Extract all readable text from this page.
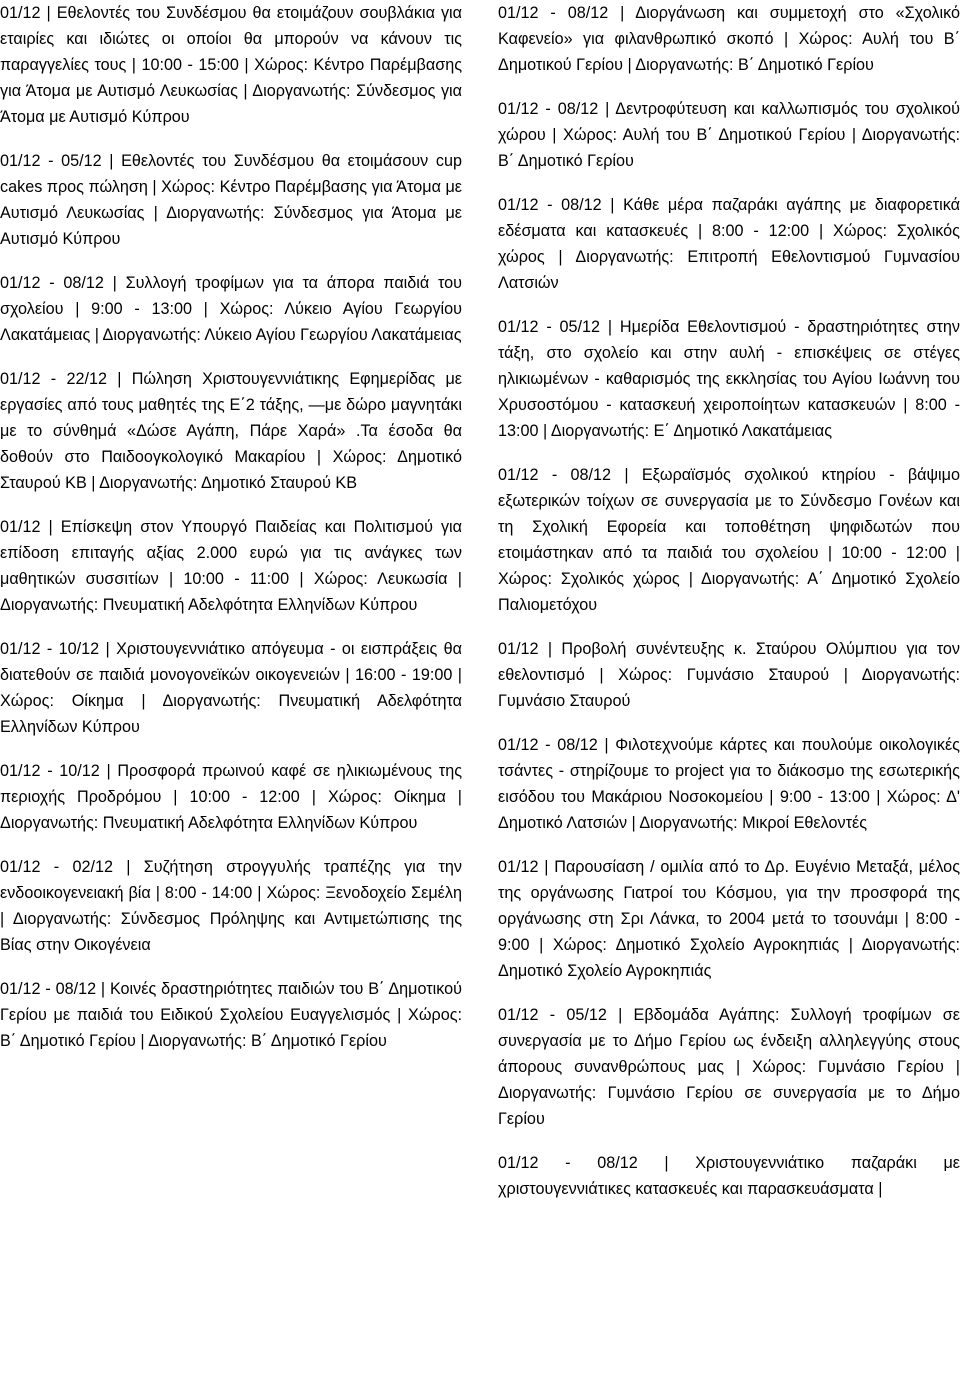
01/12 | Εθελοντές του Συνδέσμου θα ετοιμάζουν σουβλάκια για εταιρίες και ιδιώτες οι οποίοι θα μπορούν να κάνουν τις παραγγελίες τους | 10:00 - 15:00 | Χώρος: Κέντρο Παρέμβασης για Άτομα με Αυτισμό Λευκωσίας | Διοργανωτής: Σύνδεσμος για Άτομα με Αυτισμό Κύπρου

01/12 - 05/12 | Εθελοντές του Συνδέσμου θα ετοιμάσουν cup cakes προς πώληση | Χώρος: Κέντρο Παρέμβασης για Άτομα με Αυτισμό Λευκωσίας | Διοργανωτής: Σύνδεσμος για Άτομα με Αυτισμό Κύπρου

01/12 - 08/12 | Συλλογή τροφίμων για τα άπορα παιδιά του σχολείου | 9:00 - 13:00 | Χώρος: Λύκειο Αγίου Γεωργίου Λακατάμειας | Διοργανωτής: Λύκειο Αγίου Γεωργίου Λακατάμειας

01/12 - 22/12 | Πώληση Χριστουγεννιάτικης Εφημερίδας με εργασίες από τους μαθητές της Ε΄2 τάξης, —με δώρο μαγνητάκι με το σύνθημά «Δώσε Αγάπη, Πάρε Χαρά» .Τα έσοδα θα δοθούν στο Παιδοογκολογικό Μακαρίου | Χώρος: Δημοτικό Σταυρού ΚΒ | Διοργανωτής: Δημοτικό Σταυρού ΚΒ

01/12 | Επίσκεψη στον Υπουργό Παιδείας και Πολιτισμού για επίδοση επιταγής αξίας 2.000 ευρώ για τις ανάγκες των μαθητικών συσσιτίων | 10:00 - 11:00 | Χώρος: Λευκωσία |Διοργανωτής: Πνευματική Αδελφότητα Ελληνίδων Κύπρου

01/12 - 10/12 | Χριστουγεννιάτικο απόγευμα - οι εισπράξεις θα διατεθούν σε παιδιά μονογονεϊκών οικογενειών | 16:00 - 19:00 | Χώρος: Οίκημα | Διοργανωτής: Πνευματική Αδελφότητα Ελληνίδων Κύπρου

01/12 - 10/12 | Προσφορά πρωινού καφέ σε ηλικιωμένους της περιοχής Προδρόμου | 10:00 - 12:00 | Χώρος: Οίκημα | Διοργανωτής: Πνευματική Αδελφότητα Ελληνίδων Κύπρου

01/12 - 02/12 | Συζήτηση στρογγυλής τραπέζης για την ενδοοικογενειακή βία | 8:00 - 14:00 | Χώρος: Ξενοδοχείο Σεμέλη | Διοργανωτής: Σύνδεσμος Πρόληψης και Αντιμετώπισης της Βίας στην Οικογένεια

01/12 - 08/12 | Κοινές δραστηριότητες παιδιών του Β΄ Δημοτικού Γερίου με παιδιά του Ειδικού Σχολείου Ευαγγελισμός | Χώρος: Β΄ Δημοτικό Γερίου | Διοργανωτής: Β΄ Δημοτικό Γερίου

01/12 - 08/12 | Διοργάνωση και συμμετοχή στο «Σχολικό Καφενείο» για φιλανθρωπικό σκοπό | Χώρος: Αυλή του Β΄ Δημοτικού Γερίου | Διοργανωτής: Β΄ Δημοτικό Γερίου

01/12 - 08/12 | Δεντροφύτευση και καλλωπισμός του σχολικού χώρου | Χώρος: Αυλή του Β΄ Δημοτικού Γερίου | Διοργανωτής: Β΄ Δημοτικό Γερίου

01/12 - 08/12 | Κάθε μέρα παζαράκι αγάπης με διαφορετικά εδέσματα και κατασκευές | 8:00 - 12:00 | Χώρος: Σχολικός χώρος | Διοργανωτής: Επιτροπή Εθελοντισμού Γυμνασίου Λατσιών

01/12 - 05/12 | Ημερίδα Εθελοντισμού - δραστηριότητες στην τάξη, στο σχολείο και στην αυλή - επισκέψεις σε στέγες ηλικιωμένων - καθαρισμός της εκκλησίας του Αγίου Ιωάννη του Χρυσοστόμου - κατασκευή χειροποίητων κατασκευών | 8:00 - 13:00 | Διοργανωτής: Ε΄ Δημοτικό Λακατάμειας

01/12 - 08/12 | Εξωραϊσμός σχολικού κτηρίου - βάψιμο εξωτερικών τοίχων σε συνεργασία με το Σύνδεσμο Γονέων και τη Σχολική Εφορεία και τοποθέτηση ψηφιδωτών που ετοιμάστηκαν από τα παιδιά του σχολείου | 10:00 - 12:00 | Χώρος: Σχολικός χώρος | Διοργανωτής: Α΄ Δημοτικό Σχολείο Παλιομετόχου

01/12 | Προβολή συνέντευξης κ. Σταύρου Ολύμπιου για τον εθελοντισμό | Χώρος: Γυμνάσιο Σταυρού | Διοργανωτής: Γυμνάσιο Σταυρού

01/12 - 08/12 | Φιλοτεχνούμε κάρτες και πουλούμε οικολογικές τσάντες - στηρίζουμε το project για το διάκοσμο της εσωτερικής εισόδου του Μακάριου Νοσοκομείου | 9:00 - 13:00 | Χώρος: Δ' Δημοτικό Λατσιών | Διοργανωτής: Μικροί Εθελοντές

01/12 | Παρουσίαση / ομιλία από το Δρ. Ευγένιο Μεταξά, μέλος της οργάνωσης Γιατροί του Κόσμου, για την προσφορά της οργάνωσης στη Σρι Λάνκα, το 2004 μετά το τσουνάμι | 8:00 - 9:00 | Χώρος: Δημοτικό Σχολείο Αγροκηπιάς | Διοργανωτής: Δημοτικό Σχολείο Αγροκηπιάς

01/12 - 05/12 | Εβδομάδα Αγάπης: Συλλογή τροφίμων σε συνεργασία με το Δήμο Γερίου ως ένδειξη αλληλεγγύης στους άπορους συνανθρώπους μας | Χώρος: Γυμνάσιο Γερίου | Διοργανωτής: Γυμνάσιο Γερίου σε συνεργασία με το Δήμο Γερίου

01/12 - 08/12 | Χριστουγεννιάτικο παζαράκι με χριστουγεννιάτικες κατασκευές και παρασκευάσματα |
